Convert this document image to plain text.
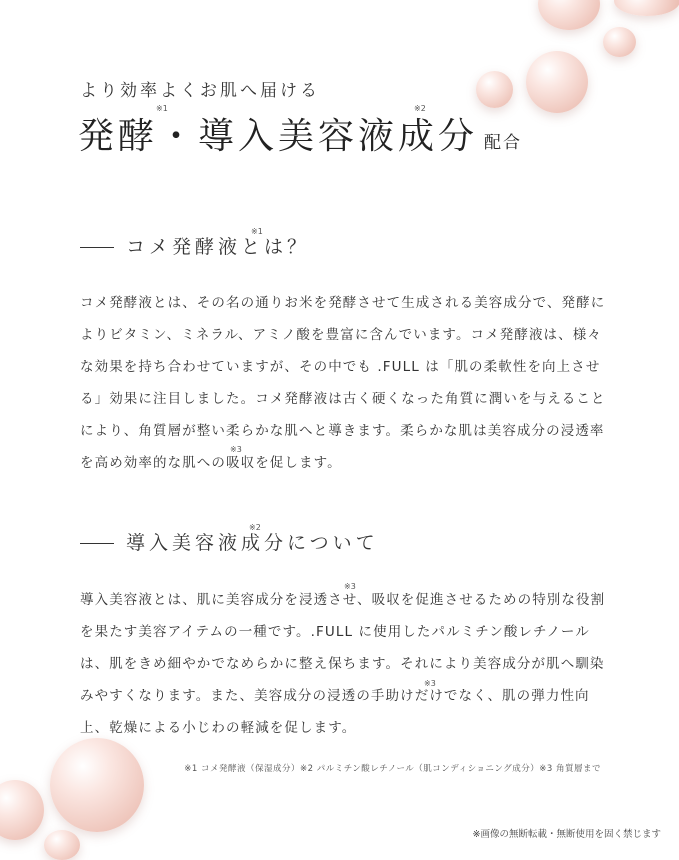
より効率よくお肌へ届ける
※1	※2
発酵・導入美容液成分 配合
※1
コメ発酵液とは？
※3
コメ発酵液とは、その名の通りお米を発酵させて生成される美容成分で、発酵によりビタミン、ミネラル、アミノ酸を豊富に含んでいます。コメ発酵液は、様々な効果を持ち合わせていますが、その中でも .FULL は「肌の柔軟性を向上させる」効果に注目しました。コメ発酵液は古く硬くなった角質に潤いを与えることにより、角質層が整い柔らかな肌へと導きます。柔らかな肌は美容成分の浸透率を高め効率的な肌への吸収を促します。
※2
導入美容液成分について
※3
※3
導入美容液とは、肌に美容成分を浸透させ、吸収を促進させるための特別な役割を果たす美容アイテムの一種です。.FULL に使用したパルミチン酸レチノールは、肌をきめ細やかでなめらかに整え保ちます。それにより美容成分が肌へ馴染みやすくなります。また、美容成分の浸透の手助けだけでなく、肌の弾力性向上、乾燥による小じわの軽減を促します。
※1 コメ発酵液（保湿成分）※2 パルミチン酸レチノール（肌コンディショニング成分）※3 角質層まで
※画像の無断転載・無断使用を固く禁じます
